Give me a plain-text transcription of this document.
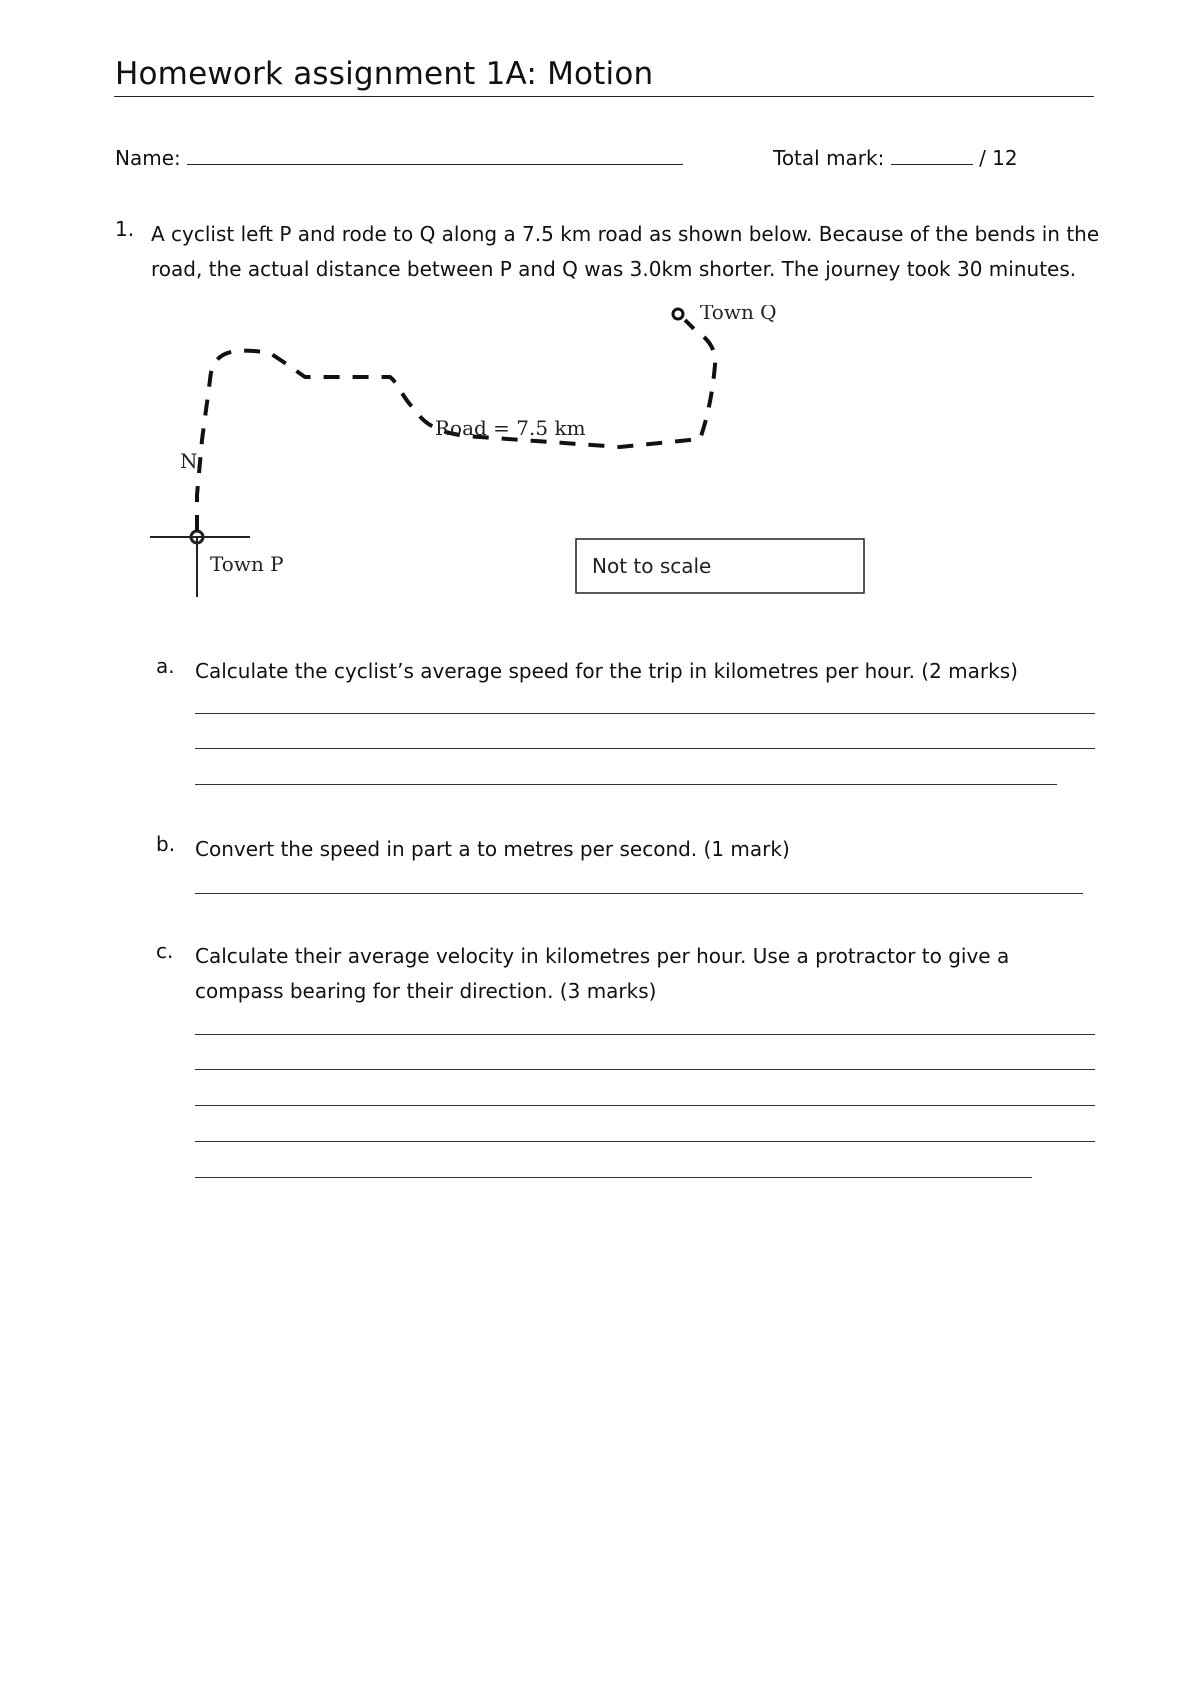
Homework assignment 1A: Motion
Name:	Total mark:	/ 12
1. A cyclist left P and rode to Q along a 7.5 km road as shown below. Because of the bends in the road, the actual distance between P and Q was 3.0km shorter. The journey took 30 minutes.
N
Town P
Town Q
Road = 7.5 km
Not to scale
a. Calculate the cyclist’s average speed for the trip in kilometres per hour. (2 marks)
b. Convert the speed in part a to metres per second. (1 mark)
c. Calculate their average velocity in kilometres per hour. Use a protractor to give a compass bearing for their direction. (3 marks)
